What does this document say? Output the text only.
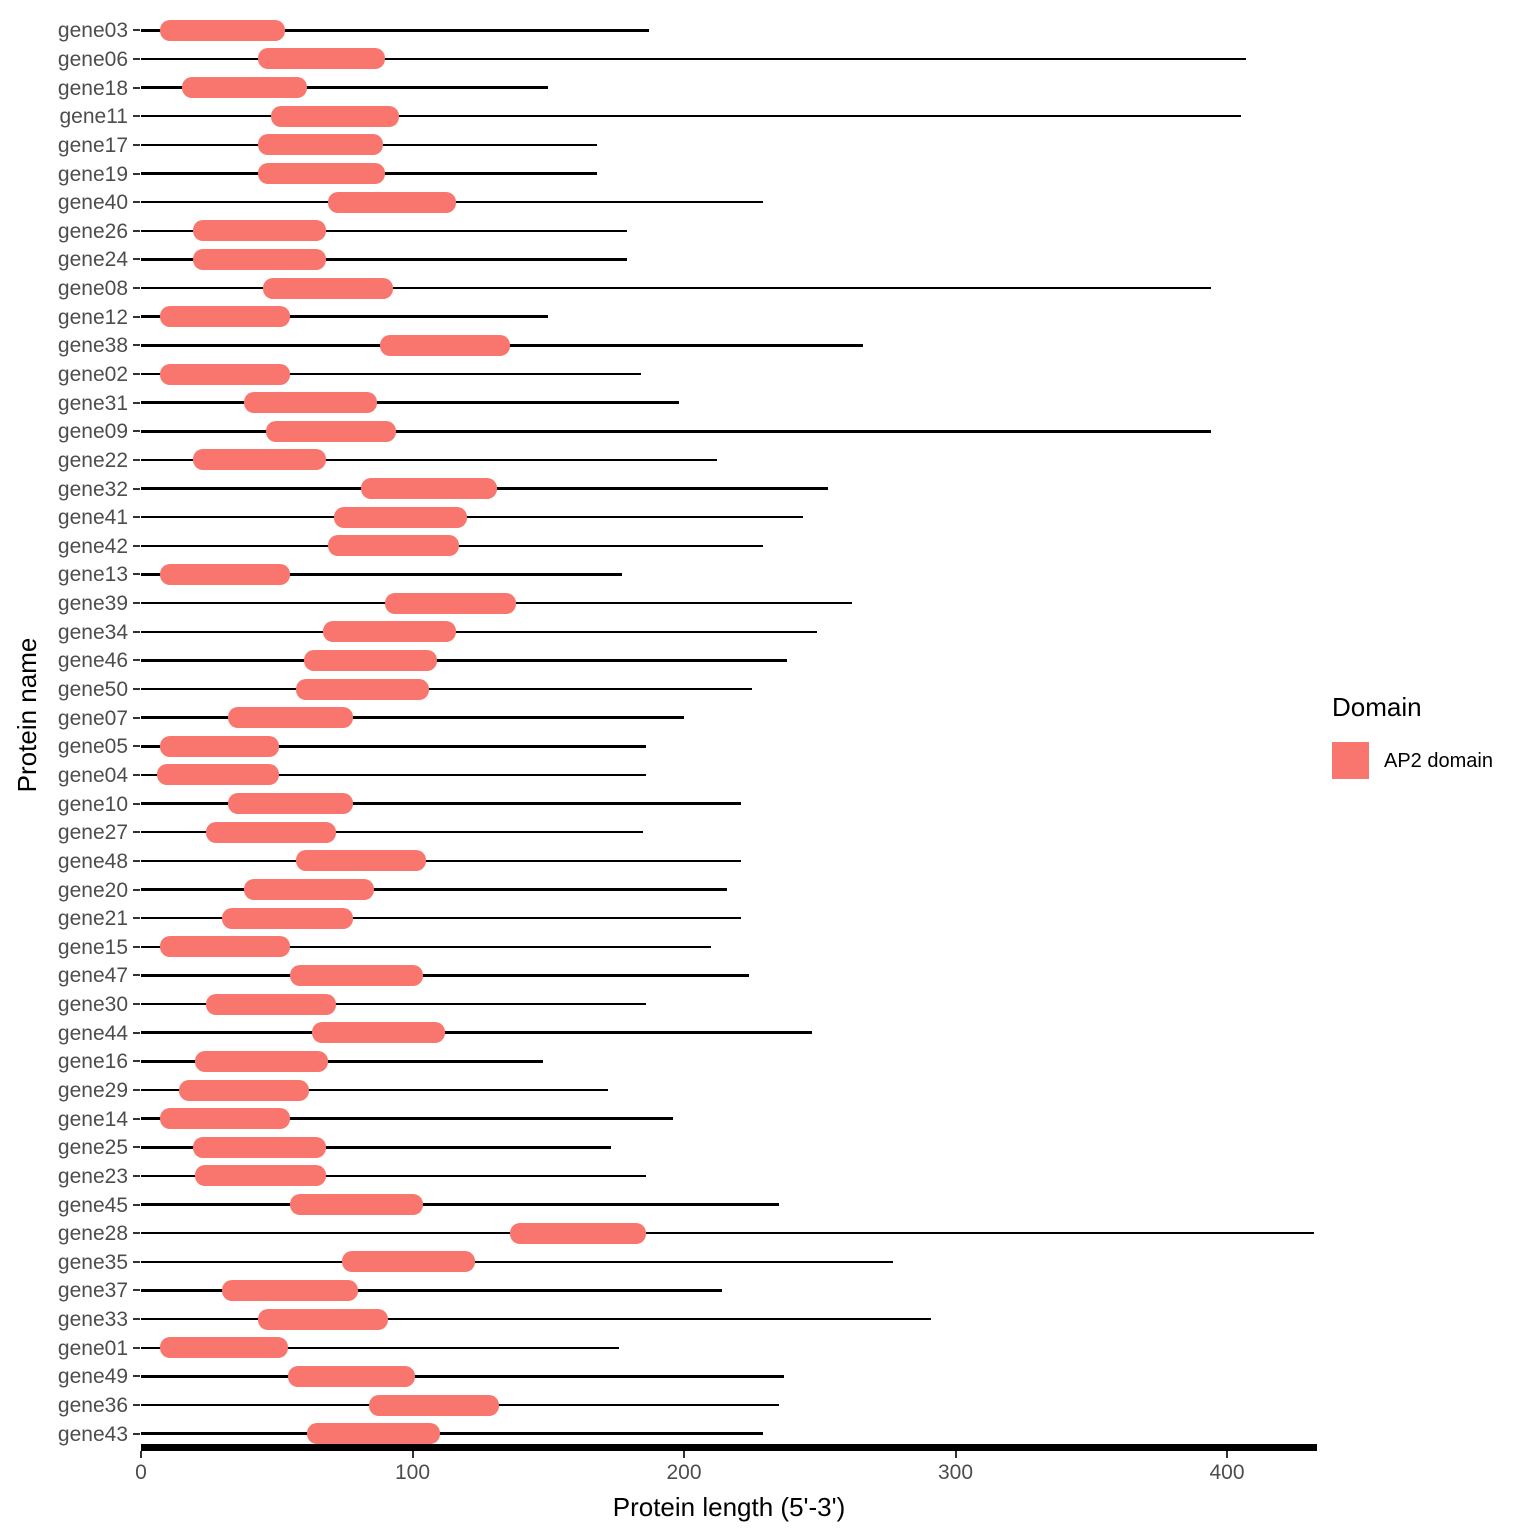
Protein name
gene03
gene06
gene18
gene11
gene17
gene19
gene40
gene26
gene24
gene08
gene12
gene38
gene02
gene31
gene09
gene22
gene32
gene41
gene42
gene13
gene39
gene34
gene46
gene50
gene07
gene05
gene04
gene10
gene27
gene48
gene20
gene21
gene15
gene47
gene30
gene44
gene16
gene29
gene14
gene25
gene23
gene45
gene28
gene35
gene37
gene33
gene01
gene49
gene36
gene43
0	100	200	300	400
Protein length (5'-3')
Domain
AP2 domain
